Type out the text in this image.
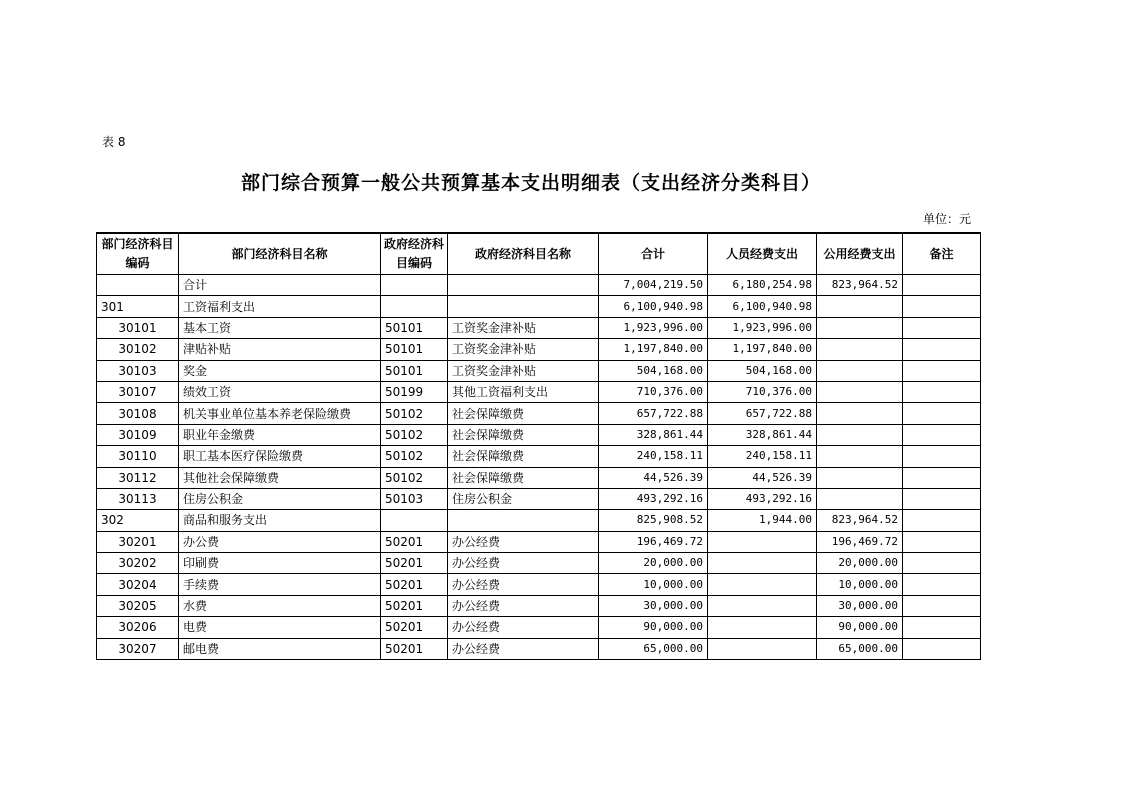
表 8
部门综合预算一般公共预算基本支出明细表（支出经济分类科目）
单位：元
部门经济科目编码	部门经济科目名称	政府经济科目编码	政府经济科目名称	合计	人员经费支出	公用经费支出	备注
	合计			7,004,219.50	6,180,254.98	823,964.52	
301	工资福利支出			6,100,940.98	6,100,940.98		
30101	基本工资	50101	工资奖金津补贴	1,923,996.00	1,923,996.00		
30102	津贴补贴	50101	工资奖金津补贴	1,197,840.00	1,197,840.00		
30103	奖金	50101	工资奖金津补贴	504,168.00	504,168.00		
30107	绩效工资	50199	其他工资福利支出	710,376.00	710,376.00		
30108	机关事业单位基本养老保险缴费	50102	社会保障缴费	657,722.88	657,722.88		
30109	职业年金缴费	50102	社会保障缴费	328,861.44	328,861.44		
30110	职工基本医疗保险缴费	50102	社会保障缴费	240,158.11	240,158.11		
30112	其他社会保障缴费	50102	社会保障缴费	44,526.39	44,526.39		
30113	住房公积金	50103	住房公积金	493,292.16	493,292.16		
302	商品和服务支出			825,908.52	1,944.00	823,964.52	
30201	办公费	50201	办公经费	196,469.72		196,469.72	
30202	印刷费	50201	办公经费	20,000.00		20,000.00	
30204	手续费	50201	办公经费	10,000.00		10,000.00	
30205	水费	50201	办公经费	30,000.00		30,000.00	
30206	电费	50201	办公经费	90,000.00		90,000.00	
30207	邮电费	50201	办公经费	65,000.00		65,000.00	
